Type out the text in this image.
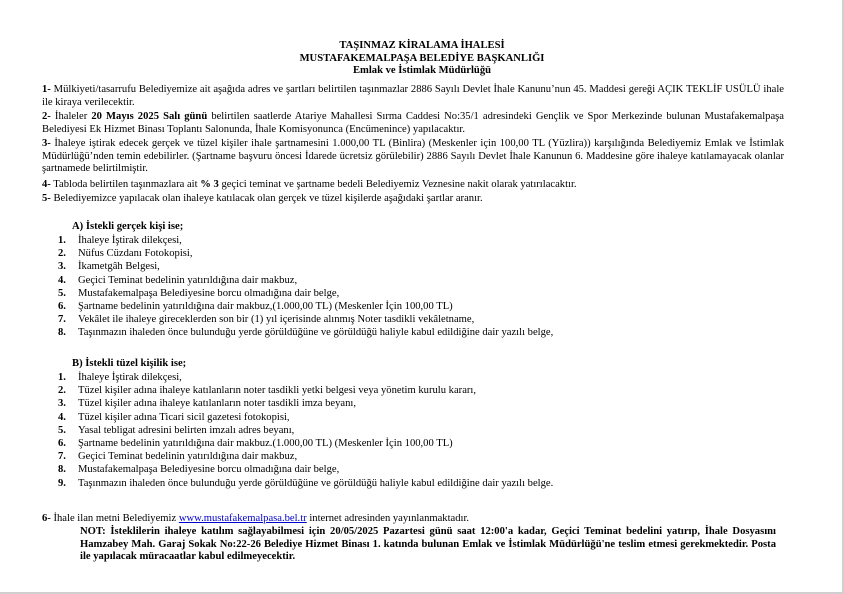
TAŞINMAZ KİRALAMA İHALESİ
MUSTAFAKEMALPAŞA BELEDİYE BAŞKANLIĞI
Emlak ve İstimlak Müdürlüğü
1- Mülkiyeti/tasarrufu Belediyemize ait aşağıda adres ve şartları belirtilen taşınmazlar 2886 Sayılı Devlet İhale Kanunu’nun 45. Maddesi gereği AÇIK TEKLİF USÜLÜ ihale ile kiraya verilecektir.
2- İhaleler 20 Mayıs 2025 Salı günü belirtilen saatlerde Atariye Mahallesi Sırma Caddesi No:35/1 adresindeki Gençlik ve Spor Merkezinde bulunan Mustafakemalpaşa Belediyesi Ek Hizmet Binası Toplantı Salonunda, İhale Komisyonunca (Encümenince) yapılacaktır.
3- İhaleye iştirak edecek gerçek ve tüzel kişiler ihale şartnamesini 1.000,00 TL (Binlira) (Meskenler için 100,00 TL (Yüzlira)) karşılığında Belediyemiz Emlak ve İstimlak Müdürlüğü’nden temin edebilirler. (Şartname başvuru öncesi İdarede ücretsiz görülebilir) 2886 Sayılı Devlet İhale Kanunun 6. Maddesine göre ihaleye katılamayacak olanlar şartnamede belirtilmiştir.
4- Tabloda belirtilen taşınmazlara ait % 3 geçici teminat ve şartname bedeli Belediyemiz Veznesine nakit olarak yatırılacaktır.
5- Belediyemizce yapılacak olan ihaleye katılacak olan gerçek ve tüzel kişilerde aşağıdaki şartlar aranır.
A) İstekli gerçek kişi ise;
1. İhaleye İştirak dilekçesi,
2. Nüfus Cüzdanı Fotokopisi,
3. İkametgâh Belgesi,
4. Geçici Teminat bedelinin yatırıldığına dair makbuz,
5. Mustafakemalpaşa Belediyesine borcu olmadığına dair belge,
6. Şartname bedelinin yatırıldığına dair makbuz,(1.000,00 TL) (Meskenler İçin 100,00 TL)
7. Vekâlet ile ihaleye gireceklerden son bir (1) yıl içerisinde alınmış Noter tasdikli vekâletname,
8. Taşınmazın ihaleden önce bulunduğu yerde görüldüğüne ve görüldüğü haliyle kabul edildiğine dair yazılı belge,
B) İstekli tüzel kişilik ise;
1. İhaleye İştirak dilekçesi,
2. Tüzel kişiler adına ihaleye katılanların noter tasdikli yetki belgesi veya yönetim kurulu kararı,
3. Tüzel kişiler adına ihaleye katılanların noter tasdikli imza beyanı,
4. Tüzel kişiler adına Ticari sicil gazetesi fotokopisi,
5. Yasal tebligat adresini belirten imzalı adres beyanı,
6. Şartname bedelinin yatırıldığına dair makbuz.(1.000,00 TL) (Meskenler İçin 100,00 TL)
7. Geçici Teminat bedelinin yatırıldığına dair makbuz,
8. Mustafakemalpaşa Belediyesine borcu olmadığına dair belge,
9. Taşınmazın ihaleden önce bulunduğu yerde görüldüğüne ve görüldüğü haliyle kabul edildiğine dair yazılı belge.
6- İhale ilan metni Belediyemiz www.mustafakemalpasa.bel.tr internet adresinden yayınlanmaktadır.
NOT: İsteklilerin ihaleye katılım sağlayabilmesi için 20/05/2025 Pazartesi günü saat 12:00'a kadar, Geçici Teminat bedelini yatırıp, İhale Dosyasını Hamzabey Mah. Garaj Sokak No:22-26 Belediye Hizmet Binası 1. katında bulunan Emlak ve İstimlak Müdürlüğü'ne teslim etmesi gerekmektedir. Posta ile yapılacak müracaatlar kabul edilmeyecektir.
